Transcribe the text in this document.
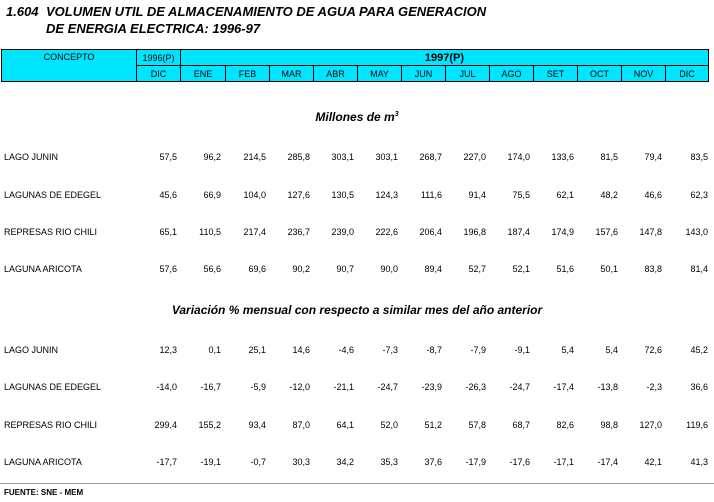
1.604 VOLUMEN UTIL DE ALMACENAMIENTO DE AGUA PARA GENERACION
DE ENERGIA ELECTRICA: 1996-97
CONCEPTO	1996(P)	1997(P)											
	DIC	ENE	FEB	MAR	ABR	MAY	JUN	JUL	AGO	SET	OCT	NOV	DIC
Millones de $m^3$
LAGO JUNIN	57,5	96,2 214,5 285,8 303,1 303,1 268,7 227,0 174,0 133,6	81,5	79,4	83,5
LAGUNAS DE EDEGEL	45,6	66,9 104,0 127,6 130,5 124,3	111,6	91,4	75,5	62,1	48,2	46,6	62,3
REPRESAS RIO CHILI	65,1 110,5 217,4 236,7 239,0 222,6 206,4 196,8 187,4 174,9 157,6 147,8	143,0
LAGUNA ARICOTA	57,6	56,6	69,6	90,2	90,7	90,0	89,4	52,7	52,1	51,6	50,1	83,8	81,4
Variación % mensual con respecto a similar mes del año anterior
LAGO JUNIN	12,3	0,1	25,1	14,6	-4,6	-7,3	-8,7	-7,9	-9,1	5,4	5,4	72,6	45,2
LAGUNAS DE EDEGEL	-14,0	-16,7	-5,9	-12,0	-21,1	-24,7	-23,9	-26,3	-24,7	-17,4	-13,8	-2,3	36,6
REPRESAS RIO CHILI	299,4 155,2	93,4	87,0	64,1	52,0	51,2	57,8	68,7	82,6	98,8 127,0	119,6
LAGUNA ARICOTA	-17,7	-19,1	-0,7	30,3	34,2	35,3	37,6	-17,9	-17,6	-17,1	-17,4	42,1	41,3
FUENTE: SNE - MEM
